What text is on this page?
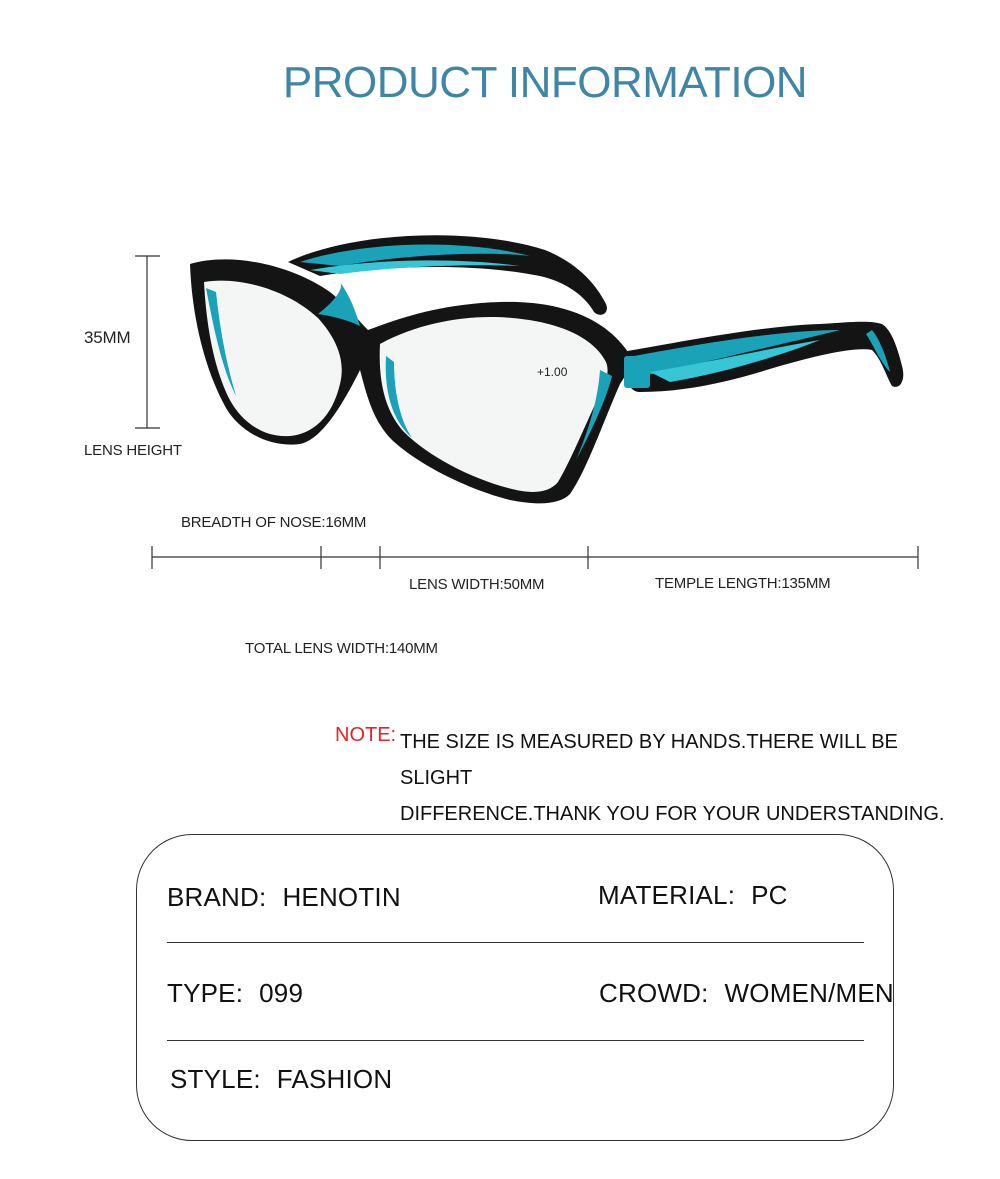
PRODUCT INFORMATION
+1.00
35MM
LENS HEIGHT
BREADTH OF NOSE:16MM
LENS WIDTH:50MM	TEMPLE LENGTH:135MM
TOTAL LENS WIDTH:140MM
NOTE: THE SIZE IS MEASURED BY HANDS.THERE WILL BE SLIGHT
DIFFERENCE.THANK YOU FOR YOUR UNDERSTANDING.
BRAND: HENOTIN	MATERIAL: PC
TYPE: 099	CROWD: WOMEN/MEN
STYLE: FASHION
